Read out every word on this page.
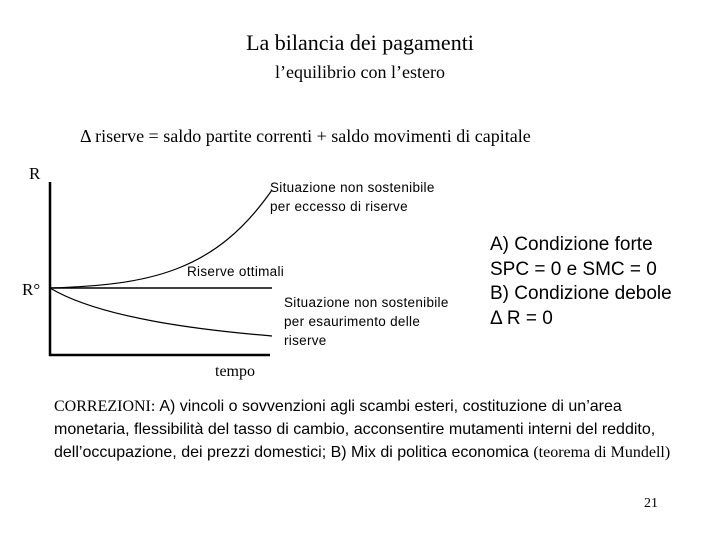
La bilancia dei pagamenti
l’equilibrio con l’estero
Δ riserve = saldo partite correnti + saldo movimenti di capitale
R
R°
Situazione non sostenibile
per eccesso di riserve
Riserve ottimali
Situazione non sostenibile
per esaurimento delle
riserve
tempo
A) Condizione forte
SPC = 0 e SMC = 0
B) Condizione debole
Δ R = 0
CORREZIONI: A) vincoli o sovvenzioni agli scambi esteri, costituzione di un’area monetaria, flessibilità del tasso di cambio, acconsentire mutamenti interni del reddito, dell’occupazione, dei prezzi domestici; B) Mix di politica economica (teorema di Mundell)
21
